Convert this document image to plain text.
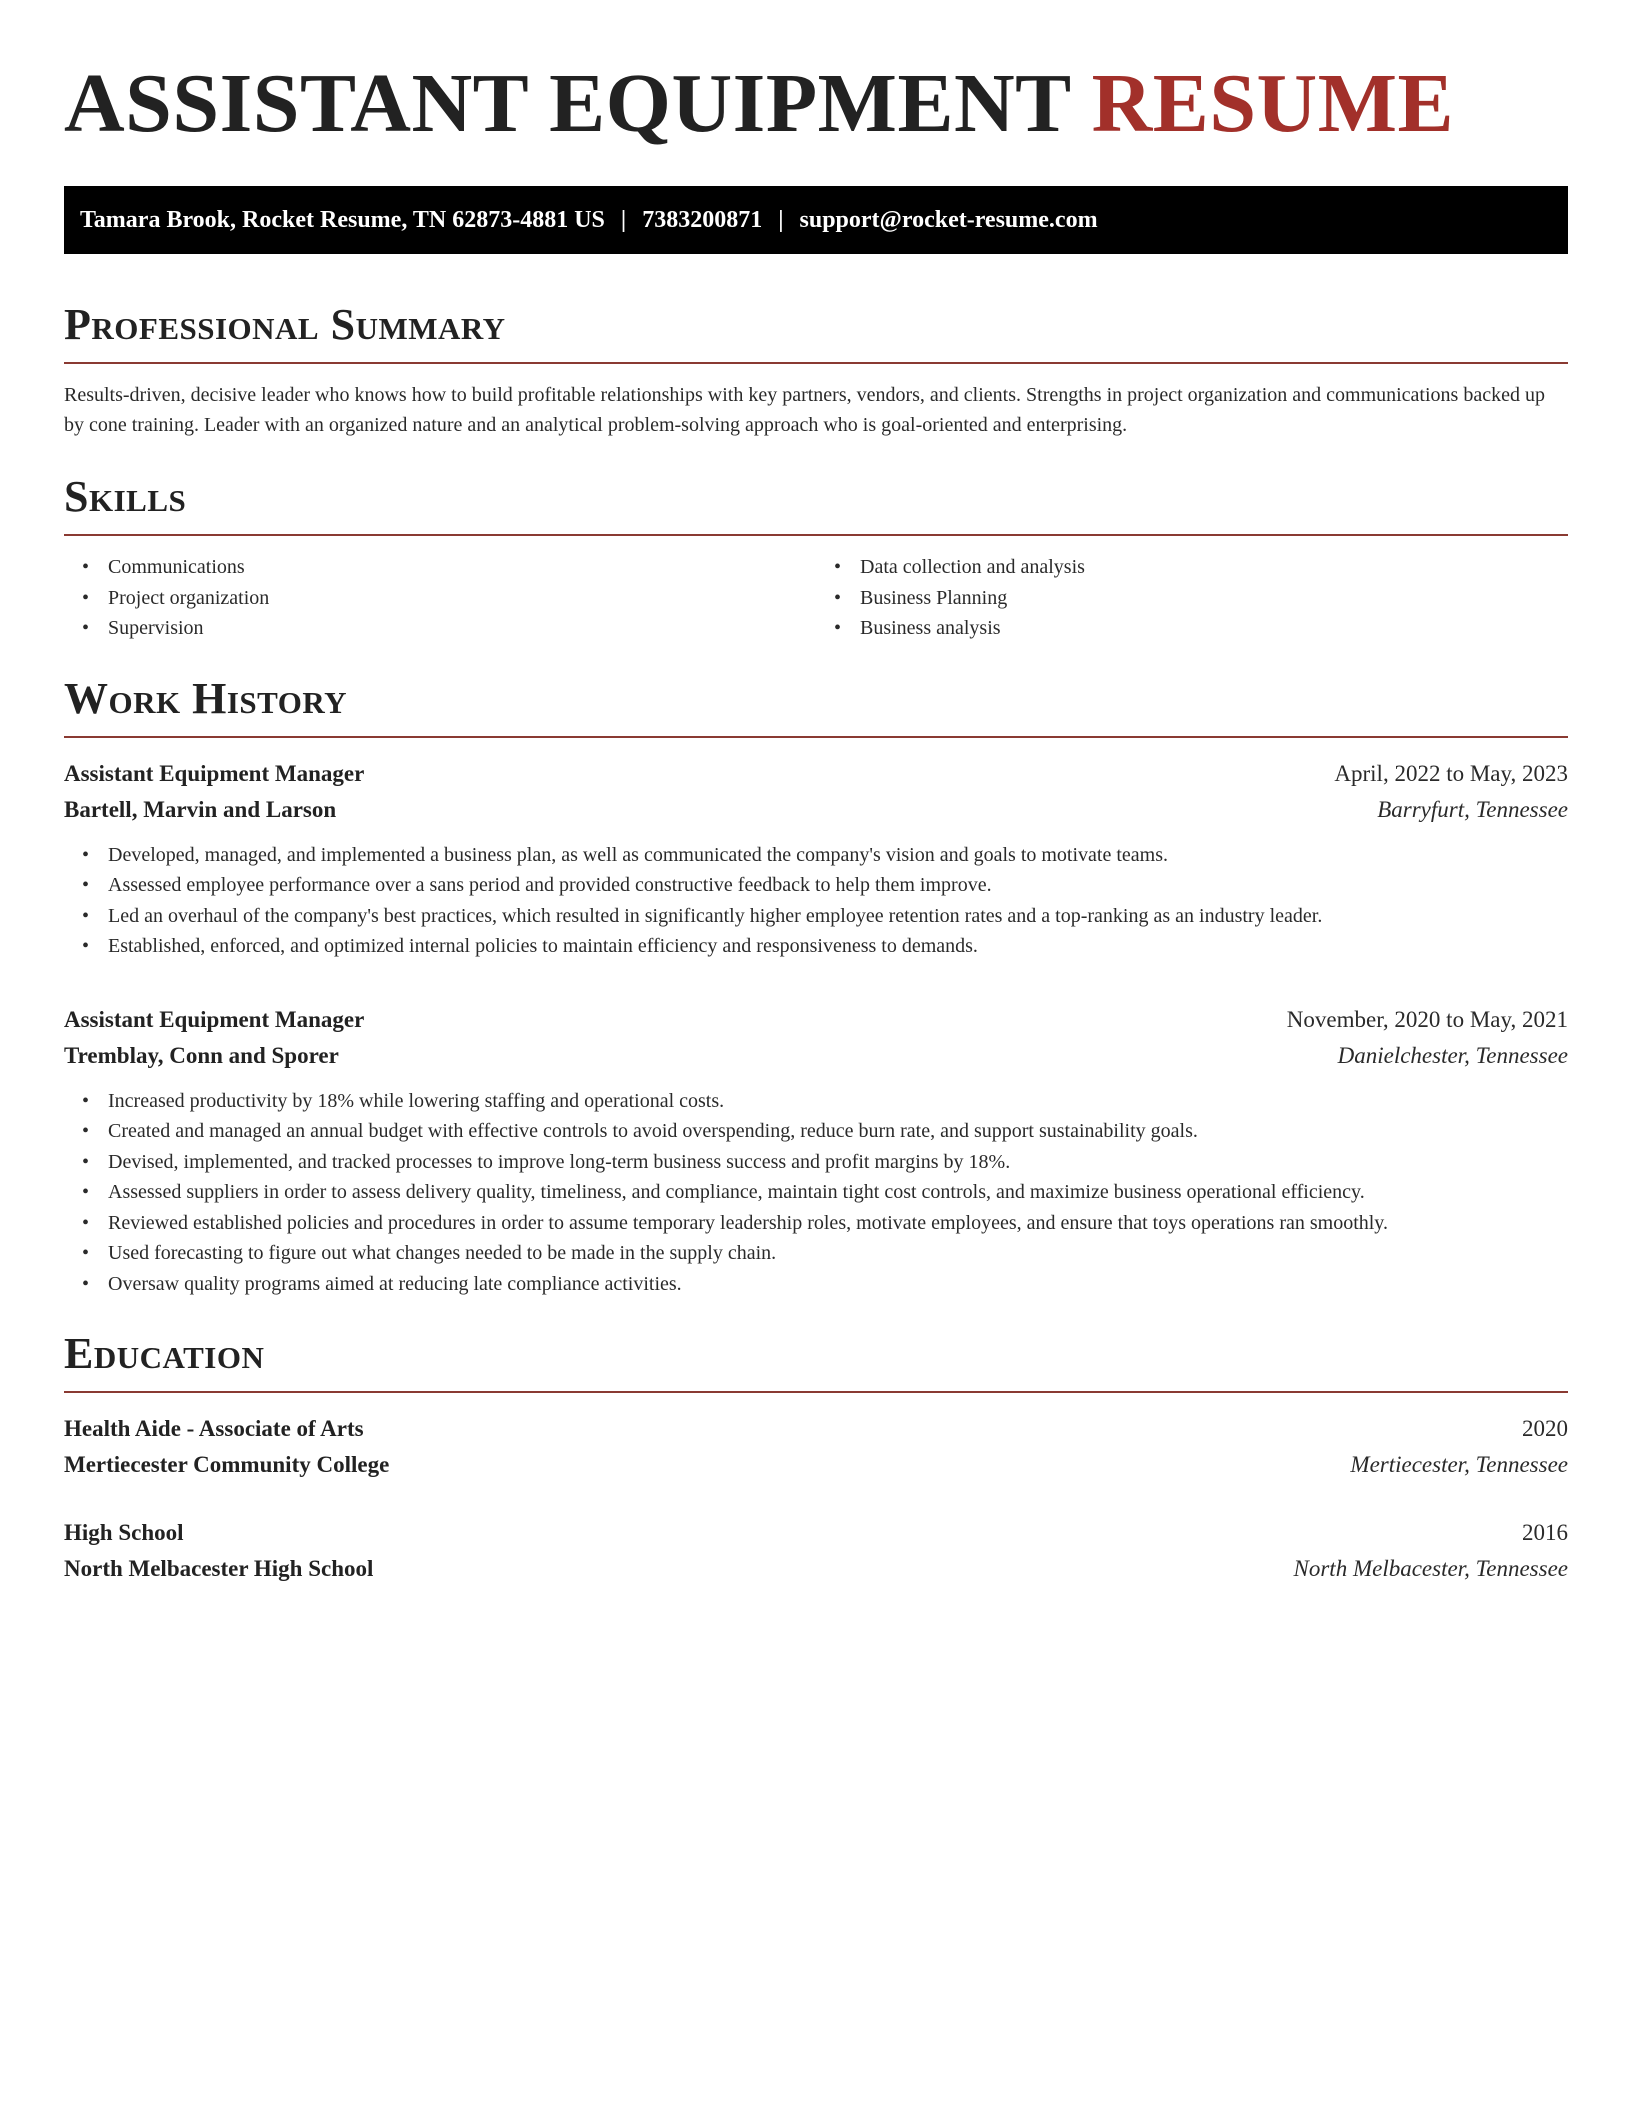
ASSISTANT EQUIPMENT RESUME
Tamara Brook, Rocket Resume, TN 62873-4881 US | 7383200871 | support@rocket-resume.com
Professional Summary

Results-driven, decisive leader who knows how to build profitable relationships with key partners, vendors, and clients. Strengths in project organization and communications backed up by cone training. Leader with an organized nature and an analytical problem-solving approach who is goal-oriented and enterprising.

Skills
• Communications
• Project organization
• Supervision
• Data collection and analysis
• Business Planning
• Business analysis
Work History
Assistant Equipment Manager	April, 2022 to May, 2023
Bartell, Marvin and Larson	Barryfurt, Tennessee
• Developed, managed, and implemented a business plan, as well as communicated the company's vision and goals to motivate teams.
• Assessed employee performance over a sans period and provided constructive feedback to help them improve.
• Led an overhaul of the company's best practices, which resulted in significantly higher employee retention rates and a top-ranking as an industry leader.
• Established, enforced, and optimized internal policies to maintain efficiency and responsiveness to demands.
Assistant Equipment Manager	November, 2020 to May, 2021
Tremblay, Conn and Sporer	Danielchester, Tennessee
• Increased productivity by 18% while lowering staffing and operational costs.
• Created and managed an annual budget with effective controls to avoid overspending, reduce burn rate, and support sustainability goals.
• Devised, implemented, and tracked processes to improve long-term business success and profit margins by 18%.
• Assessed suppliers in order to assess delivery quality, timeliness, and compliance, maintain tight cost controls, and maximize business operational efficiency.
• Reviewed established policies and procedures in order to assume temporary leadership roles, motivate employees, and ensure that toys operations ran smoothly.
• Used forecasting to figure out what changes needed to be made in the supply chain.
• Oversaw quality programs aimed at reducing late compliance activities.
Education
Health Aide - Associate of Arts	2020
Mertiecester Community College	Mertiecester, Tennessee
High School	2016
North Melbacester High School	North Melbacester, Tennessee
